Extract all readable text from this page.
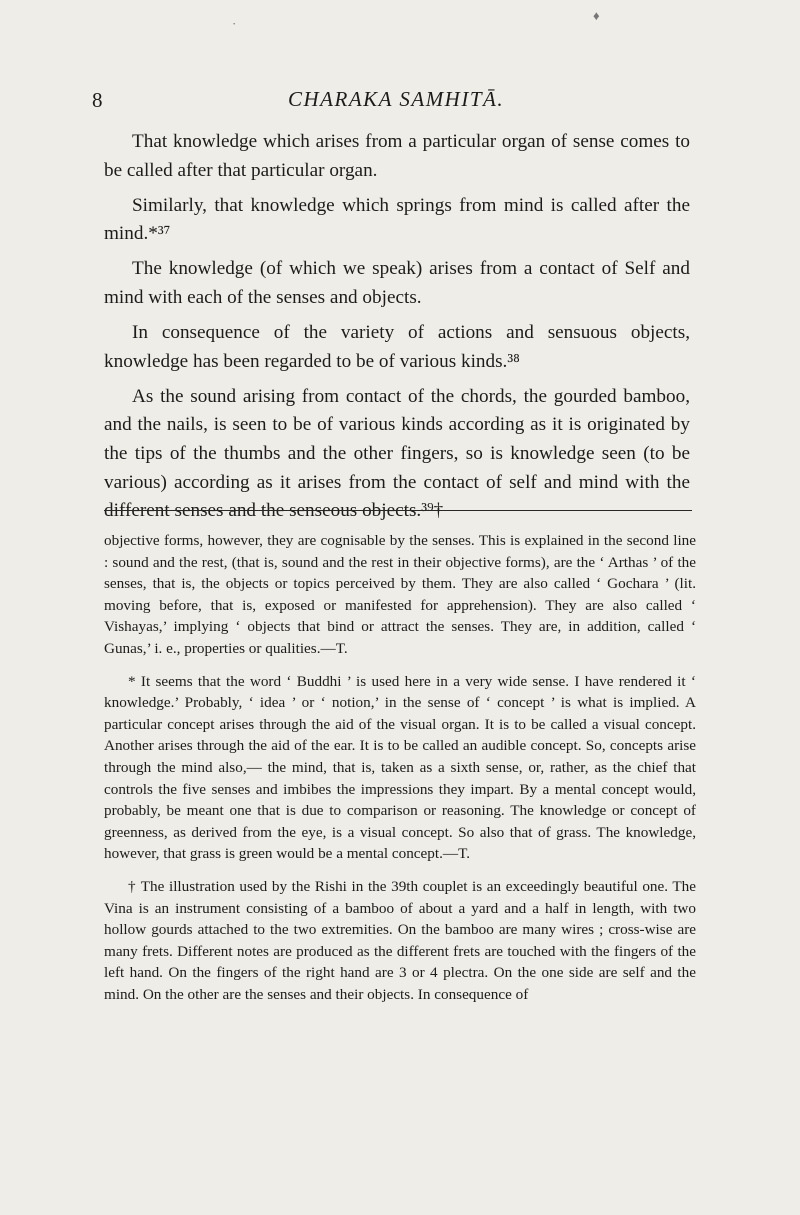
8	CHARAKA SAMHITĀ.

That knowledge which arises from a particular organ of sense comes to be called after that particular organ.

Similarly, that knowledge which springs from mind is called after the mind.*³⁷

The knowledge (of which we speak) arises from a contact of Self and mind with each of the senses and objects.

In consequence of the variety of actions and sensuous objects, knowledge has been regarded to be of various kinds.³⁸

As the sound arising from contact of the chords, the gourded bamboo, and the nails, is seen to be of various kinds according as it is originated by the tips of the thumbs and the other fingers, so is knowledge seen (to be various) according as it arises from the contact of self and mind with the different senses and the senseous objects.³⁹†

objective forms, however, they are cognisable by the senses. This is explained in the second line : sound and the rest, (that is, sound and the rest in their objective forms), are the ‘ Arthas ’ of the senses, that is, the objects or topics perceived by them. They are also called ‘ Gochara ’ (lit. moving before, that is, exposed or manifested for apprehension). They are also called ‘ Vishayas,’ implying ‘ objects that bind or attract the senses. They are, in addition, called ‘ Gunas,’ i. e., properties or qualities.—T.

* It seems that the word ‘ Buddhi ’ is used here in a very wide sense. I have rendered it ‘ knowledge.’ Probably, ‘ idea ’ or ‘ notion,’ in the sense of ‘ concept ’ is what is implied. A particular concept arises through the aid of the visual organ. It is to be called a visual concept. Another arises through the aid of the ear. It is to be called an audible concept. So, concepts arise through the mind also,— the mind, that is, taken as a sixth sense, or, rather, as the chief that controls the five senses and imbibes the impressions they impart. By a mental concept would, probably, be meant one that is due to comparison or reasoning. The knowledge or concept of greenness, as derived from the eye, is a visual concept. So also that of grass. The knowledge, however, that grass is green would be a mental concept.—T.

† The illustration used by the Rishi in the 39th couplet is an exceedingly beautiful one. The Vina is an instrument consisting of a bamboo of about a yard and a half in length, with two hollow gourds attached to the two extremities. On the bamboo are many wires ; cross-wise are many frets. Different notes are produced as the different frets are touched with the fingers of the left hand. On the fingers of the right hand are 3 or 4 plectra. On the one side are self and the mind. On the other are the senses and their objects. In consequence of

♦
·
